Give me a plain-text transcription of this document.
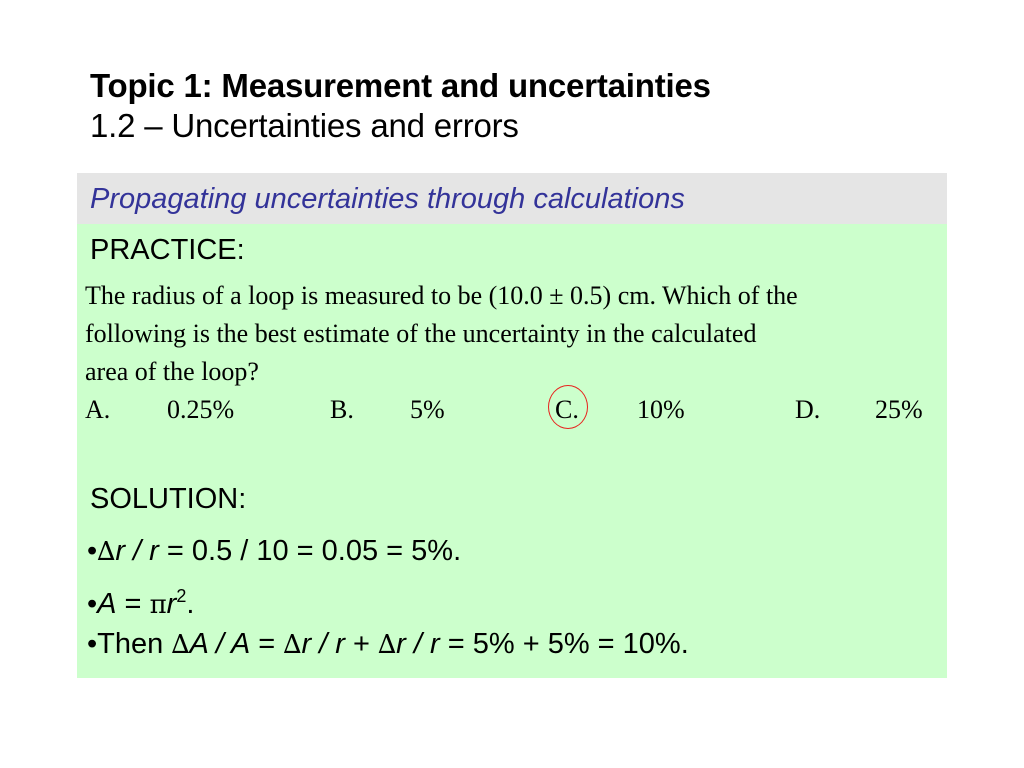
Topic 1: Measurement and uncertainties
1.2 – Uncertainties and errors
Propagating uncertainties through calculations
PRACTICE:
The radius of a loop is measured to be (10.0 ± 0.5) cm. Which of the
following is the best estimate of the uncertainty in the calculated
area of the loop?
A. 0.25%	B. 5%	C. 10%	D. 25%
SOLUTION:
•∆r / r = 0.5 / 10 = 0.05 = 5%.
•A = $\pi r^2$.
•Then ∆A / A = ∆r / r + ∆r / r = 5% + 5% = 10%.
